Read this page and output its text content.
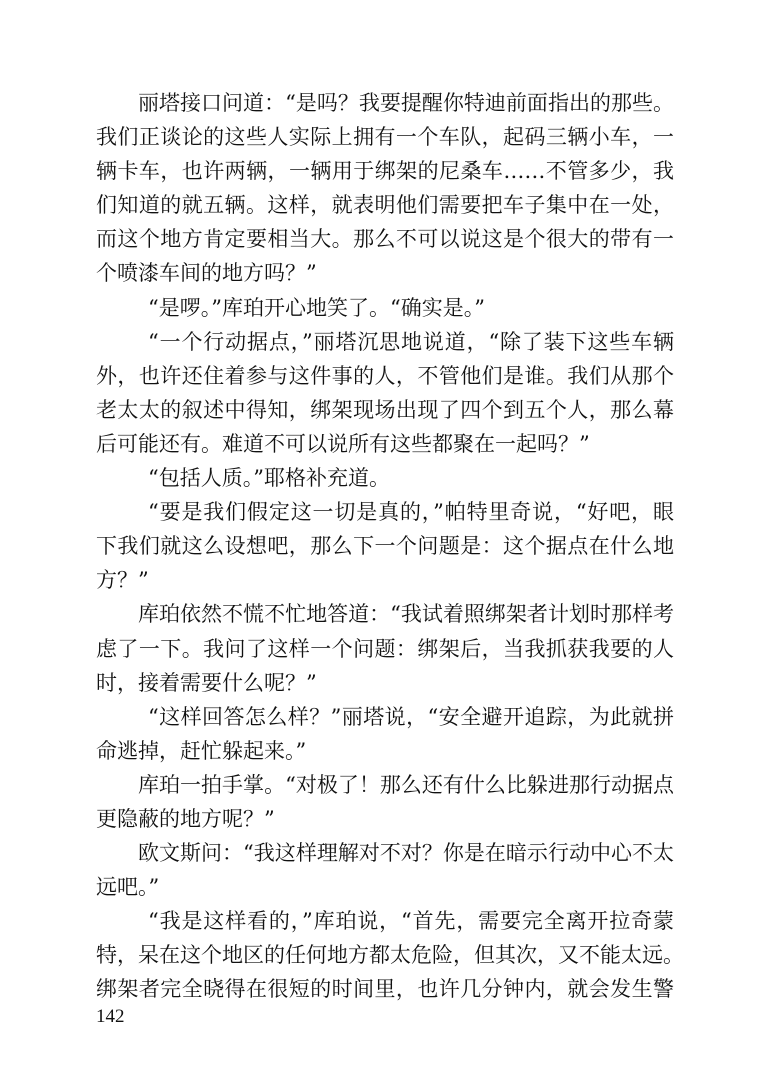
丽塔接口问道：“是吗？我要提醒你特迪前面指出的那些。
我们正谈论的这些人实际上拥有一个车队，起码三辆小车，一
辆卡车，也许两辆，一辆用于绑架的尼桑车……不管多少，我
们知道的就五辆。这样，就表明他们需要把车子集中在一处，
而这个地方肯定要相当大。那么不可以说这是个很大的带有一
个喷漆车间的地方吗？”
“是啰。”库珀开心地笑了。“确实是。”
“一个行动据点，”丽塔沉思地说道，“除了装下这些车辆
外，也许还住着参与这件事的人，不管他们是谁。我们从那个
老太太的叙述中得知，绑架现场出现了四个到五个人，那么幕
后可能还有。难道不可以说所有这些都聚在一起吗？”
“包括人质。”耶格补充道。
“要是我们假定这一切是真的，”帕特里奇说，“好吧，眼
下我们就这么设想吧，那么下一个问题是：这个据点在什么地
方？”
库珀依然不慌不忙地答道：“我试着照绑架者计划时那样考
虑了一下。我问了这样一个问题：绑架后，当我抓获我要的人
时，接着需要什么呢？”
“这样回答怎么样？”丽塔说，“安全避开追踪，为此就拼
命逃掉，赶忙躲起来。”
库珀一拍手掌。“对极了！那么还有什么比躲进那行动据点
更隐蔽的地方呢？”
欧文斯问：“我这样理解对不对？你是在暗示行动中心不太
远吧。”
“我是这样看的，”库珀说，“首先，需要完全离开拉奇蒙
特，呆在这个地区的任何地方都太危险，但其次，又不能太远。
绑架者完全晓得在很短的时间里，也许几分钟内，就会发生警
142
